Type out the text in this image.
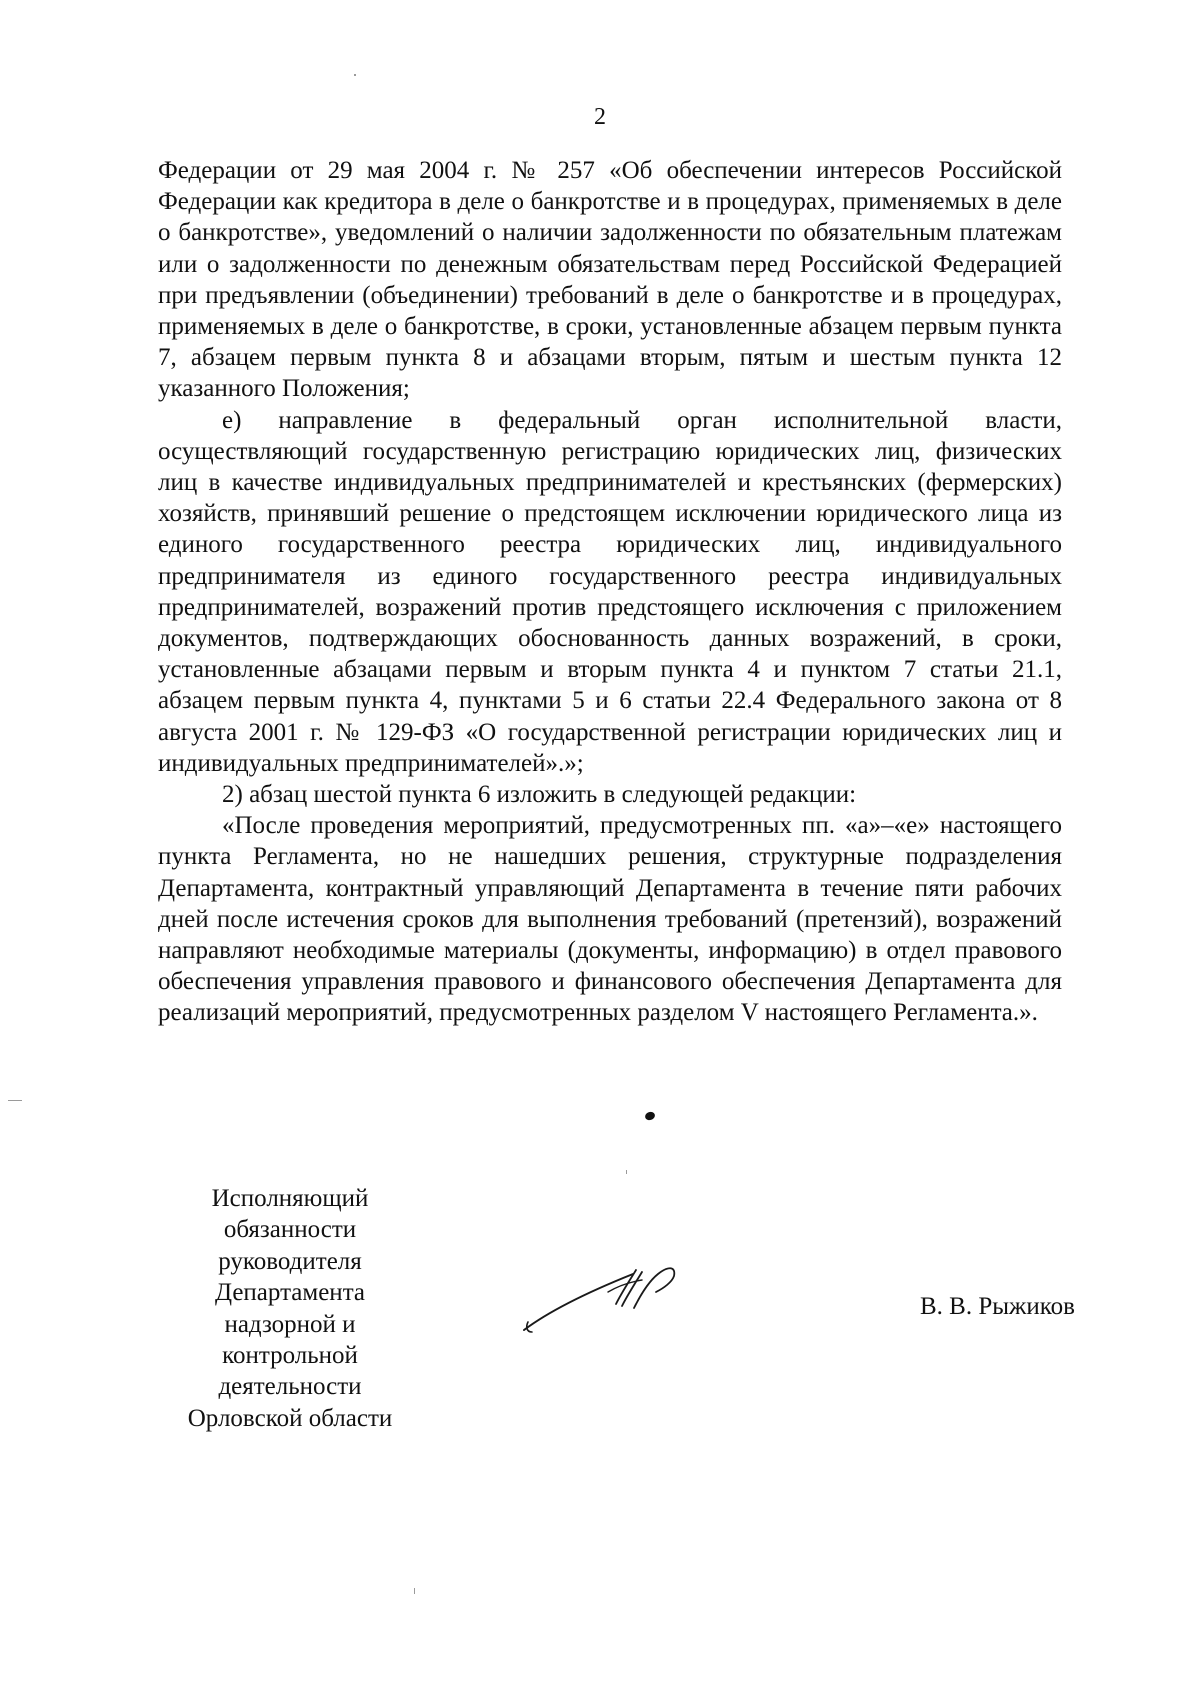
2

Федерации от 29 мая 2004 г. № 257 «Об обеспечении интересов Российской Федерации как кредитора в деле о банкротстве и в процедурах, применяемых в деле о банкротстве», уведомлений о наличии задолженности по обязательным платежам или о задолженности по денежным обязательствам перед Российской Федерацией при предъявлении (объединении) требований в деле о банкротстве и в процедурах, применяемых в деле о банкротстве, в сроки, установленные абзацем первым пункта 7, абзацем первым пункта 8 и абзацами вторым, пятым и шестым пункта 12 указанного Положения;

е) направление в федеральный орган исполнительной власти, осуществляющий государственную регистрацию юридических лиц, физических лиц в качестве индивидуальных предпринимателей и крестьянских (фермерских) хозяйств, принявший решение о предстоящем исключении юридического лица из единого государственного реестра юридических лиц, индивидуального предпринимателя из единого государственного реестра индивидуальных предпринимателей, возражений против предстоящего исключения с приложением документов, подтверждающих обоснованность данных возражений, в сроки, установленные абзацами первым и вторым пункта 4 и пунктом 7 статьи 21.1, абзацем первым пункта 4, пунктами 5 и 6 статьи 22.4 Федерального закона от 8 августа 2001 г. № 129-ФЗ «О государственной регистрации юридических лиц и индивидуальных предпринимателей».»;

2) абзац шестой пункта 6 изложить в следующей редакции:

«После проведения мероприятий, предусмотренных пп. «а»–«е» настоящего пункта Регламента, но не нашедших решения, структурные подразделения Департамента, контрактный управляющий Департамента в течение пяти рабочих дней после истечения сроков для выполнения требований (претензий), возражений направляют необходимые материалы (документы, информацию) в отдел правового обеспечения управления правового и финансового обеспечения Департамента для реализаций мероприятий, предусмотренных разделом V настоящего Регламента.».

Исполняющий
обязанности
руководителя
Департамента
надзорной и
контрольной
деятельности
Орловской области
В. В. Рыжиков
